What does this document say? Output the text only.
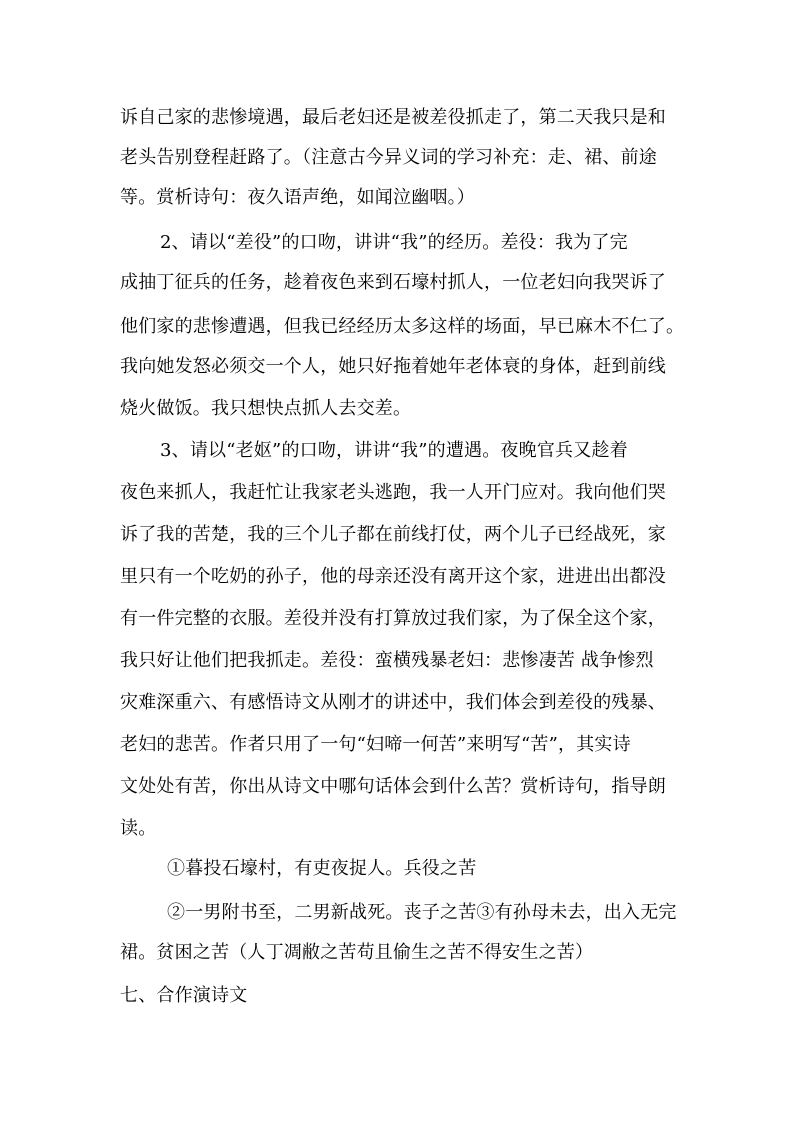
诉自己家的悲惨境遇，最后老妇还是被差役抓走了，第二天我只是和
老头告别登程赶路了。（注意古今异义词的学习补充：走、裙、前途
等。赏析诗句：夜久语声绝，如闻泣幽咽。）
2、请以“差役”的口吻，讲讲“我”的经历。差役：我为了完
成抽丁征兵的任务，趁着夜色来到石壕村抓人，一位老妇向我哭诉了
他们家的悲惨遭遇，但我已经经历太多这样的场面，早已麻木不仁了。
我向她发怒必须交一个人，她只好拖着她年老体衰的身体，赶到前线
烧火做饭。我只想快点抓人去交差。
3、请以“老妪”的口吻，讲讲“我”的遭遇。夜晚官兵又趁着
夜色来抓人，我赶忙让我家老头逃跑，我一人开门应对。我向他们哭
诉了我的苦楚，我的三个儿子都在前线打仗，两个儿子已经战死，家
里只有一个吃奶的孙子，他的母亲还没有离开这个家，进进出出都没
有一件完整的衣服。差役并没有打算放过我们家，为了保全这个家，
我只好让他们把我抓走。差役：蛮横残暴老妇：悲惨凄苦 战争惨烈
灾难深重六、有感悟诗文从刚才的讲述中，我们体会到差役的残暴、
老妇的悲苦。作者只用了一句“妇啼一何苦”来明写“苦”，其实诗
文处处有苦，你出从诗文中哪句话体会到什么苦？赏析诗句，指导朗
读。
①暮投石壕村，有吏夜捉人。兵役之苦
②一男附书至，二男新战死。丧子之苦③有孙母未去，出入无完
裙。贫困之苦（人丁凋敝之苦苟且偷生之苦不得安生之苦）
七、合作演诗文
